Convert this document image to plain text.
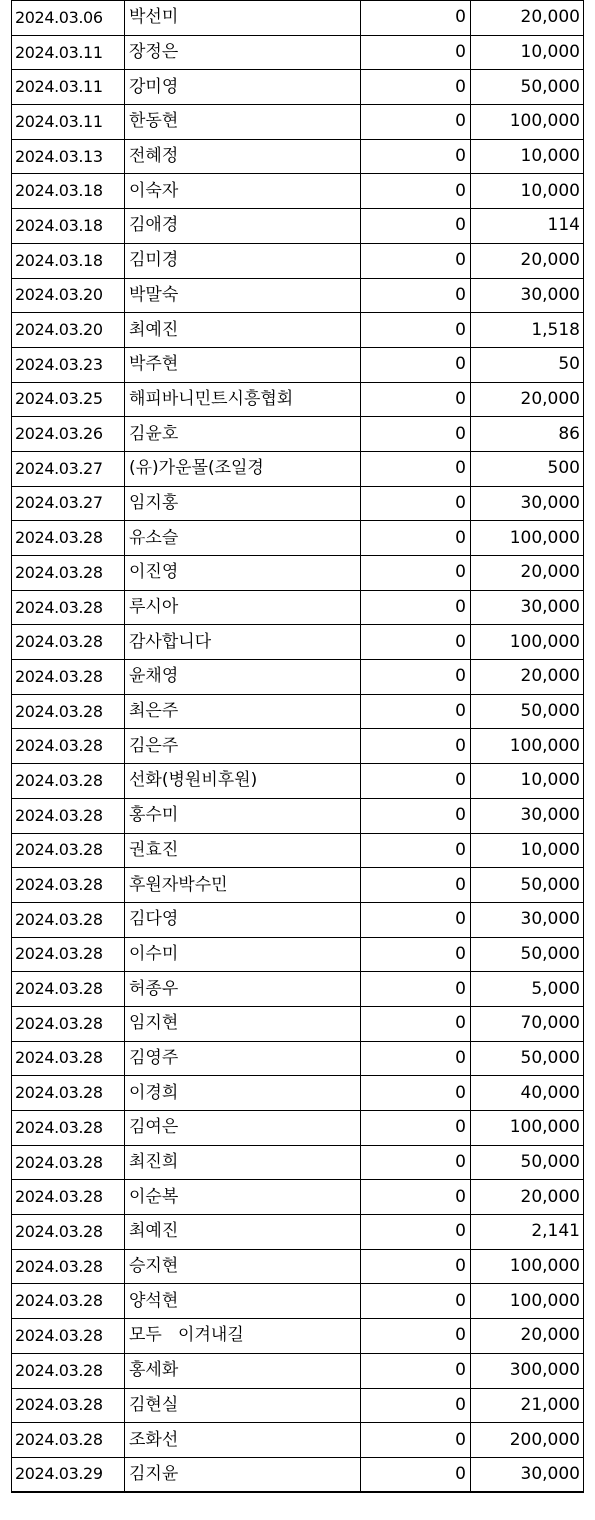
2024.03.06	박선미	0	20,000
2024.03.11	장정은	0	10,000
2024.03.11	강미영	0	50,000
2024.03.11	한동현	0	100,000
2024.03.13	전혜정	0	10,000
2024.03.18	이숙자	0	10,000
2024.03.18	김애경	0	114
2024.03.18	김미경	0	20,000
2024.03.20	박말숙	0	30,000
2024.03.20	최예진	0	1,518
2024.03.23	박주현	0	50
2024.03.25	해피바니민트시흥협회	0	20,000
2024.03.26	김윤호	0	86
2024.03.27	(유)가운몰(조일경	0	500
2024.03.27	임지홍	0	30,000
2024.03.28	유소슬	0	100,000
2024.03.28	이진영	0	20,000
2024.03.28	루시아	0	30,000
2024.03.28	감사합니다	0	100,000
2024.03.28	윤채영	0	20,000
2024.03.28	최은주	0	50,000
2024.03.28	김은주	0	100,000
2024.03.28	선화(병원비후원)	0	10,000
2024.03.28	홍수미	0	30,000
2024.03.28	권효진	0	10,000
2024.03.28	후원자박수민	0	50,000
2024.03.28	김다영	0	30,000
2024.03.28	이수미	0	50,000
2024.03.28	허종우	0	5,000
2024.03.28	임지현	0	70,000
2024.03.28	김영주	0	50,000
2024.03.28	이경희	0	40,000
2024.03.28	김여은	0	100,000
2024.03.28	최진희	0	50,000
2024.03.28	이순복	0	20,000
2024.03.28	최예진	0	2,141
2024.03.28	승지현	0	100,000
2024.03.28	양석현	0	100,000
2024.03.28	모두   이겨내길	0	20,000
2024.03.28	홍세화	0	300,000
2024.03.28	김현실	0	21,000
2024.03.28	조화선	0	200,000
2024.03.29	김지윤	0	30,000
